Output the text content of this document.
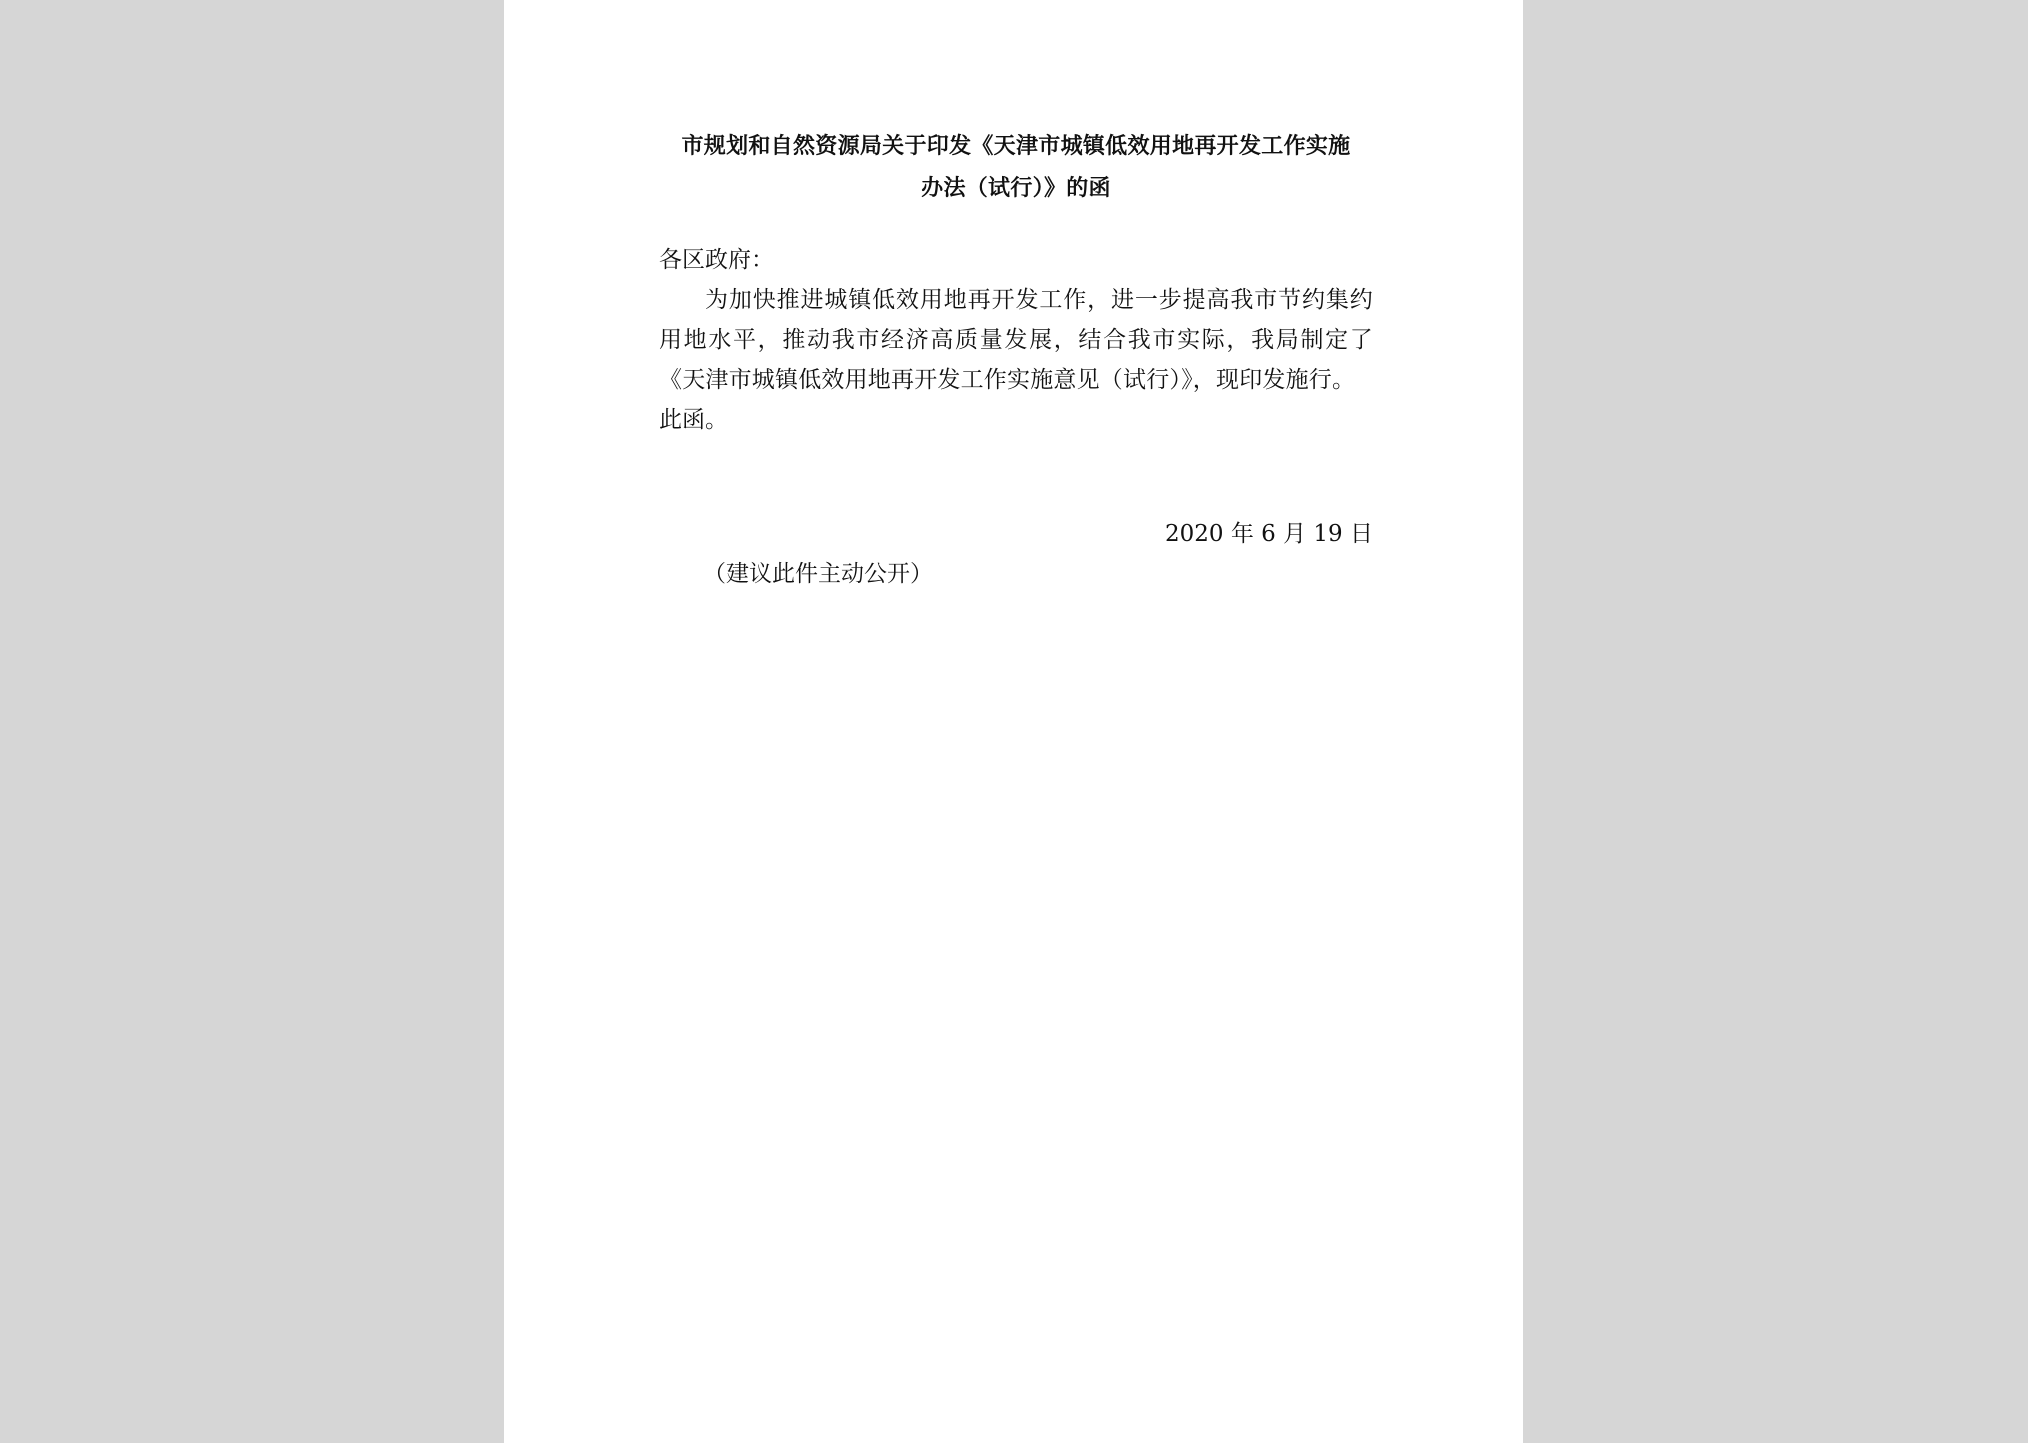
市规划和自然资源局关于印发《天津市城镇低效用地再开发工作实施
办法（试行）》的函

各区政府：

为加快推进城镇低效用地再开发工作，进一步提高我市节约集约用地水平，推动我市经济高质量发展，结合我市实际，我局制定了《天津市城镇低效用地再开发工作实施意见（试行）》，现印发施行。

此函。

2020 年 6 月 19 日

（建议此件主动公开）
